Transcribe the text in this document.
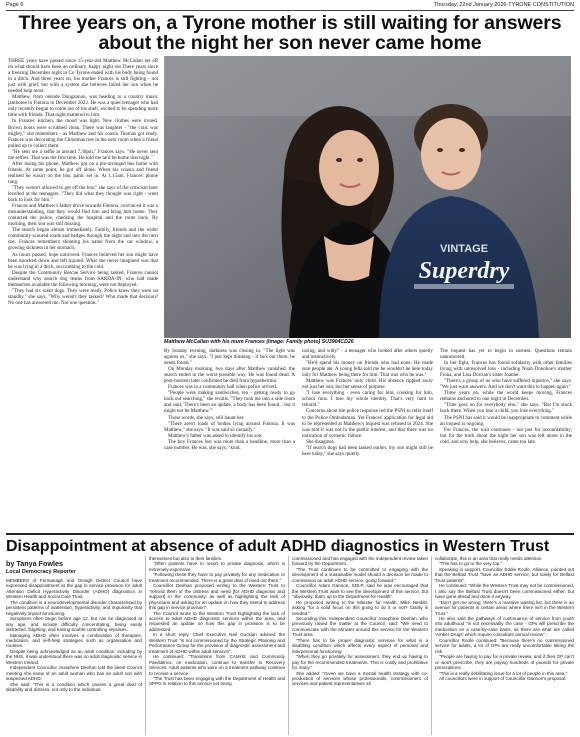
Page 6	Thursday, 22nd January 2026-TYRONE CONSTITUTION
Three years on, a Tyrone mother is still waiting for answers about the night her son never came home

THREE years have passed since 15-year-old Matthew McCallan set off on what should have been an ordinary, happy night out.There years since a freezing December night in Co Tyrone ended with his body being found in a ditch. And three years on, his mother Frances is still fighting - not just with grief, but with a system she believes failed her son when he needed help most.

Matthew, from outside Dungannon, was heading to a country music jamboree in Fintona in December 2022. He was a quiet teenager who had only recently begun to come out of his shell, excited to be spending more time with friends. That night mattered to him.

In Frances' kitchen, the mood was light. New clothes were ironed. Brown boots were scrubbed clean. There was laughter - "the craic was mighty," she remembers - as Matthew and his cousin Thomas got ready. Frances was decorating the Christmas tree in the next room when a friend pulled up to collect them.

"He sent me a selfie at around 7.30pm," Frances says. "He never sent me selfies. That was the first time. He told me he'd be home that night."

After losing his phone, Matthew got on a pre-arranged bus home with friends. At some point, he got off alone. When his cousin and friend realised he wasn't on the bus, panic set in. At 1.15am, Frances' phone rang.

"They weren't allowed to get off the bus," she says of the criticism later levelled at the teenagers. "They did what they thought was right - went back to look for him."

Frances and Matthew's father drove towards Fintona, convinced it was a misunderstanding, that they would find him and bring him home. They contacted the police, checking the hospital and the route back. By morning, their son was still missing.

The search began almost immediately. Family, friends and the wider community scoured roads and hedges through the night and into the next day. Frances remembers shouting his name from the car window, a growing sickness in her stomach.

As hours passed, hope narrowed. Frances believed her son might have been knocked down and left injured. What she never imagined was that he was lying in a ditch, succumbing to the cold.

Despite the Community Rescue Service being tasked, Frances cannot understand why search dog teams from SARDA-IN, who had made themselves available the following morning, were not deployed.

"They had six scent dogs. They were ready. Police knew they were on standby," she says. "Why weren't they tasked? Who made that decision? No one has answered me. Not one question."

VINTAGE
Superdry
Matthew McCallan with his mum Frances (Image: Family photo) SU3904CD26

By Sunday evening, darkness was closing in. "The light was against us," she says. "I just kept thinking - if he's out there, he needs found."

On Monday morning, two days after Matthew vanished, the search ended in the worst possible way. He was found dead. A post-mortem later confirmed he died from hypothermia.

Frances was in a community hall when police arrived.

"People were making sandwiches, tea - getting ready to go back out searching," she recalls. "They took me into a side room and said, 'There's been an update, a body has been found... but it might not be Matthew.'"

Those words, she says, still haunt her.

"There aren't loads of bodies lying around Fintona. It was Matthew," she says. "It was said so casually."

Matthew's father was asked to identify his son.

The boy Frances lost was more than a headline, more than a case number. He was, she says, "kind,

caring, and witty" - a teenager who looked after others quietly and instinctively.

"He'd spend his money on friends who had none. He made sure people ate. A young fella told me he wouldn't be here today only for Matthew being there for him. That was who he was."

Matthew was Frances' only child. His absence rippled away not just her son, but her sense of purpose.

"I lose everything - even caring for him, cooking for him, school runs. I lose my whole identity. That's very hard to rebuild."

Concerns about the police response led the PSNI to refer itself to the Police Ombudsman. Yet Frances' application for legal aid to be represented at Matthew's inquest was refused in 2024. She was told it was not in the public interest, and that there was no indication of systemic failure.

She disagrees.

"If search dogs had been tasked earlier, my son might still be here today," she says quietly.

The inquest has yet to begin in earnest. Questions remain unanswered.

In her fight, Frances has found solidarity with other families living with unresolved loss - including Noah Donohoe's mother Fiona, and Lisa Dorrian's sister Joanne.

"There's a group of us who have suffered injustice," she says. "We just want answers. And we don't want this to happen again."

Three years on, while the world keeps moving, Frances remains anchored to one night in December.

"Time goes on for everybody else," she says. "But I'm stuck back there. When you lose a child, you lose everything."

The PSNI has said it would be inappropriate to comment while an inquest is ongoing.

For Frances, the wait continues - not just for accountability, but for the truth about the night her son was left alone in the cold, and why help, she believes, came too late.

Disappointment at absence of adult ADHD diagnostics in Western Trust
by Tanya Fowles
Local Democracy Reporter

MEMBERS of Fermanagh and Omagh District Council have expressed disappointment at the gap in service provision for adult Attention Deficit Hyperactivity Disorder (ADHD) diagnostics in Western Health and Social Care Trust.

The condition is a neurodevelopmental disorder characterised by persistent patterns of inattention, hyperactivity, and impulsivity that negatively impact functioning.

Symptoms often begin before age 12, but can be diagnosed at any age, and include difficulty concentrating, being easily distracted, fidgeting, and having trouble controlling impulses.

Managing ADHD often involves a combination of therapies, medication, and self-help strategies such as organisation and routines.

Despite being acknowledged as an adult condition, including by the NHS, it was understood there was no adult diagnostic service in Western Ireland.

Independent Councillor Josephine Deehan told the latest Council meeting she knew of an adult woman who has an adult son with suspected ADHD.

She said: "This is a condition which causes a great deal of disability and distress, not only to the individual

themselves but also to their families.

"Often patients have to resort to private diagnosis, which is extremely expensive.

"Following these they have to pay privately for any medication or treatment recommended. There is a great deal of need out there."

Councillor Deehan proposed writing to the Western Trust to "remind them of the distress and need [for ADHD diagnosis and support] in the community, as well as highlighting the lack of physicians and asking for an update on how they intend to address this gap in service provision".

The Council wrote to the Western Trust highlighting the lack of access to adult ADHD diagnostic services within the area, and requested an update on how this gap in provision is to be addressed.

In a short reply, Chief Executive Neil Guckian advised the Western Trust "is not commissioned by the Strategic Planning and Performance Group for the provision of diagnostic assessment and treatment of ADHD within adult services".

He continued: "Transitions from CAMHS and Community Paediatrics, on medication, continue to transfer to Recovery Services. Adult patients who were on a treatment pathway continue to receive a service.

"The Trust has been engaging with the Department of Health and SPPG in relation to this service not being

commissioned and has engaged with the independent review taken forward by the Department.

"The Trust continues to be committed to engaging with the development of a sustainable model should a decision be made to commission an adult ADHD service, going forward."

Councillor Adam Gannon, SDLP, said he was encouraged that the Western Trust want to see the development of this service, but "obviously, that's up to the Department for Health".

He proposed writing to the Minister for Health, Mike Nesbitt, asking "for a solid focus on this going to do it or not? Clarity is needed."

Seconding this, Independent Councillor Josephine Deehan, who previously raised the matter at the Council, said: "We need to communicate with the Minister around this service for the Western Trust area.

"There has to be proper diagnostic services for what is a disabling condition which affects every aspect of personal and interpersonal functioning.

"When they go privately for assessment, they end up having to pay for the recommended treatments. This is costly and prohibitive for many."

She added: "Given we have a mental health strategy with co-production of services whose professionals, commissioners of services and patient representatives all

collaborate, this is an area that really needs attention.

"This has to go to the very top."

Speaking in support, Councillor Eddie Roofe, Alliance, pointed out that the Belfast Trust "have an ADHD service, but solely for Belfast Trust patients".

He continued: "While the Western Trust may not be commissioned, I also say the Belfast Trust doesn't been commissioned either, but have gone ahead and done it anyway.

"Don't get me wrong, there's a massive waiting list, but there is an avenue for patients in certain areas where there isn't in the Western Trust."

He also said the pathways of continuance of service from youth into adulthood "is not necessarily the case - GPs will prescribe the medication on a case-by-case basis, as there are what are called 'Amber Drugs' which require consultant annual review".

Councillor Roofe continued: "Because there's no commissioned service for adults, a lot of GPs are really uncomfortable taking the risk.

"People are having to pay for a private review, and if their GP can't or won't prescribe, they are paying hundreds of pounds for private prescriptions.

"This is a really debilitating issue for a lot of people in this area."

All councillors were in support of Councillor Gannon's proposal.
